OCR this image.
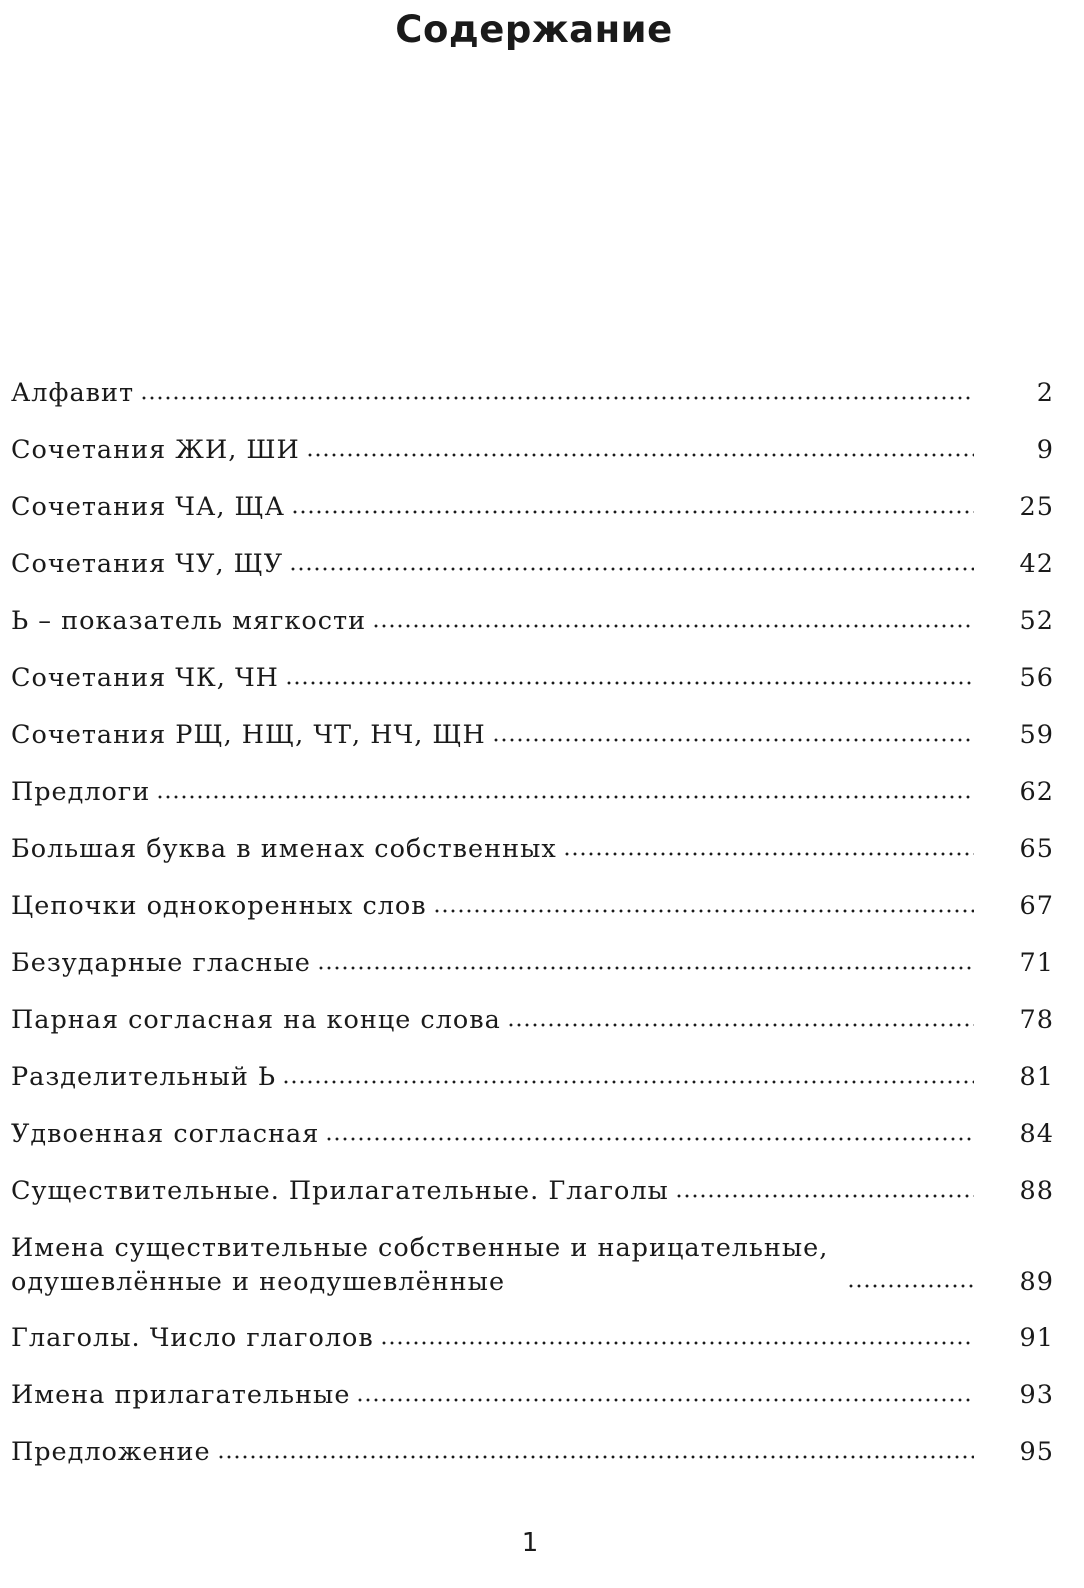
Содержание
Алфавит	2
Сочетания ЖИ, ШИ	9
Сочетания ЧА, ЩА	25
Сочетания ЧУ, ЩУ	42
Ь – показатель мягкости	52
Сочетания ЧК, ЧН	56
Сочетания РЩ, НЩ, ЧТ, НЧ, ЩН	59
Предлоги	62
Большая буква в именах собственных	65
Цепочки однокоренных слов	67
Безударные гласные	71
Парная согласная на конце слова	78
Разделительный Ь	81
Удвоенная согласная	84
Существительные. Прилагательные. Глаголы	88
Имена существительные собственные и нарицательные, одушевлённые и неодушевлённые	89
Глаголы. Число глаголов	91
Имена прилагательные	93
Предложение	95
1
